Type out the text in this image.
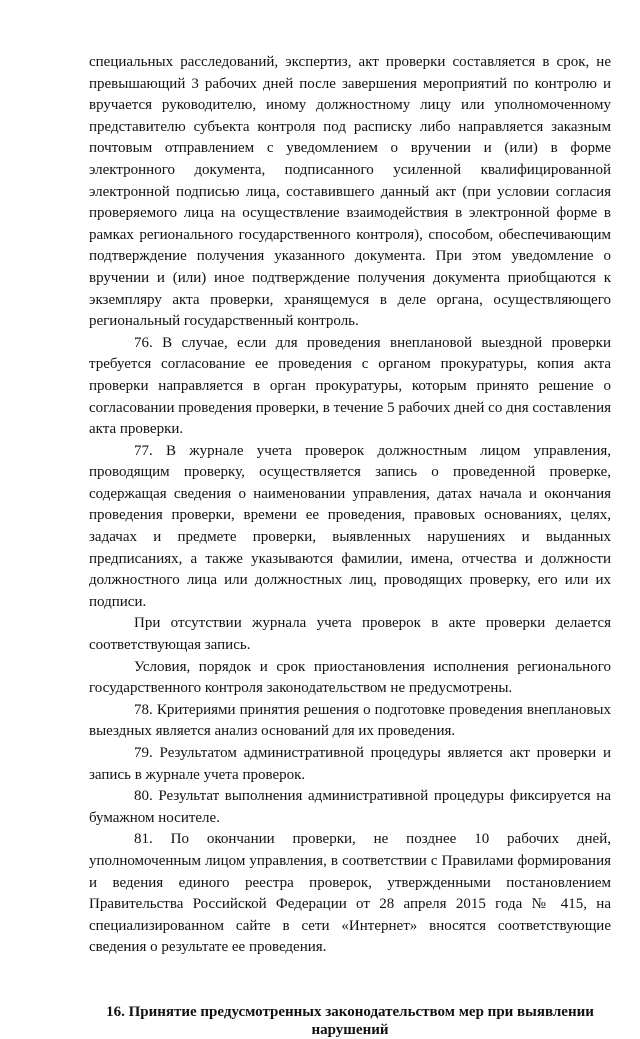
специальных расследований, экспертиз, акт проверки составляется в срок, не превышающий 3 рабочих дней после завершения мероприятий по контролю и вручается руководителю, иному должностному лицу или уполномоченному представителю субъекта контроля под расписку либо направляется заказным почтовым отправлением с уведомлением о вручении и (или) в форме электронного документа, подписанного усиленной квалифицированной электронной подписью лица, составившего данный акт (при условии согласия проверяемого лица на осуществление взаимодействия в электронной форме в рамках регионального государственного контроля), способом, обеспечивающим подтверждение получения указанного документа. При этом уведомление о вручении и (или) иное подтверждение получения документа приобщаются к экземпляру акта проверки, хранящемуся в деле органа, осуществляющего региональный государственный контроль.

76. В случае, если для проведения внеплановой выездной проверки требуется согласование ее проведения с органом прокуратуры, копия акта проверки направляется в орган прокуратуры, которым принято решение о согласовании проведения проверки, в течение 5 рабочих дней со дня составления акта проверки.

77. В журнале учета проверок должностным лицом управления, проводящим проверку, осуществляется запись о проведенной проверке, содержащая сведения о наименовании управления, датах начала и окончания проведения проверки, времени ее проведения, правовых основаниях, целях, задачах и предмете проверки, выявленных нарушениях и выданных предписаниях, а также указываются фамилии, имена, отчества и должности должностного лица или должностных лиц, проводящих проверку, его или их подписи.

При отсутствии журнала учета проверок в акте проверки делается соответствующая запись.

Условия, порядок и срок приостановления исполнения регионального государственного контроля законодательством не предусмотрены.

78. Критериями принятия решения о подготовке проведения внеплановых выездных является анализ оснований для их проведения.

79. Результатом административной процедуры является акт проверки и запись в журнале учета проверок.

80. Результат выполнения административной процедуры фиксируется на бумажном носителе.

81. По окончании проверки, не позднее 10 рабочих дней, уполномоченным лицом управления, в соответствии с Правилами формирования и ведения единого реестра проверок, утвержденными постановлением Правительства Российской Федерации от 28 апреля 2015 года № 415, на специализированном сайте в сети «Интернет» вносятся соответствующие сведения о результате ее проведения.

16. Принятие предусмотренных законодательством мер при выявлении нарушений
